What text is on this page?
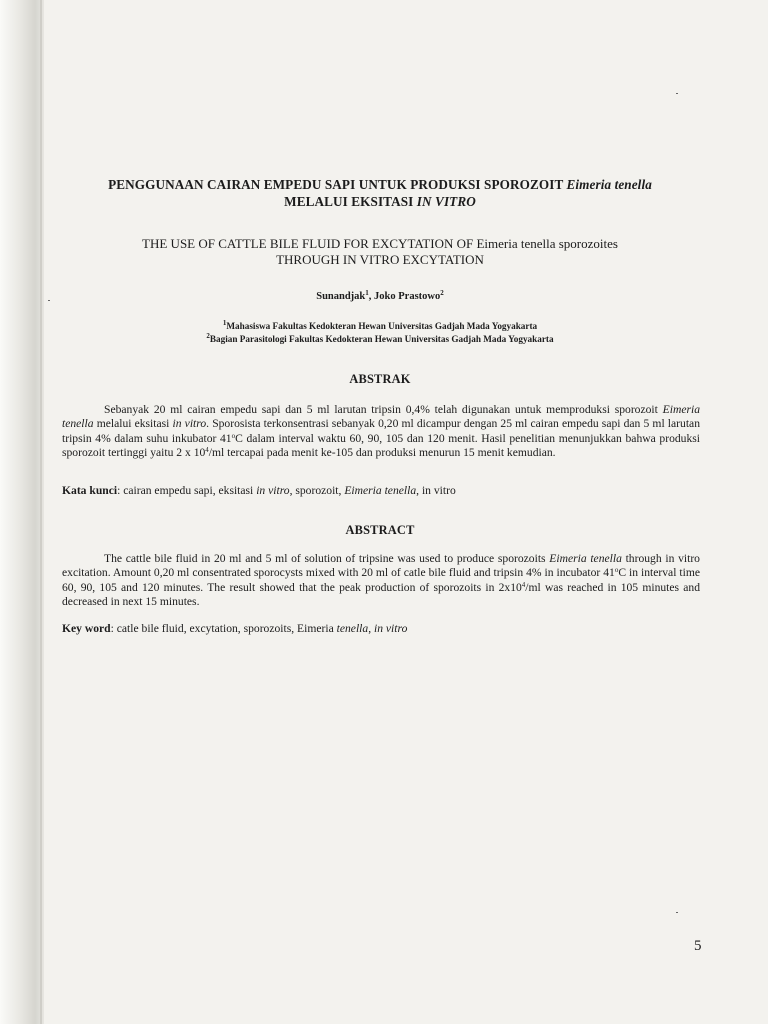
PENGGUNAAN CAIRAN EMPEDU SAPI UNTUK PRODUKSI SPOROZOIT Eimeria tenella
MELALUI EKSITASI IN VITRO
THE USE OF CATTLE BILE FLUID FOR EXCYTATION OF Eimeria tenella sporozoites
THROUGH IN VITRO EXCYTATION
Sunandjak$^1$, Joko Prastowo$^2$
$^1$Mahasiswa Fakultas Kedokteran Hewan Universitas Gadjah Mada Yogyakarta
$^2$Bagian Parasitologi Fakultas Kedokteran Hewan Universitas Gadjah Mada Yogyakarta
ABSTRAK
Sebanyak 20 ml cairan empedu sapi dan 5 ml larutan tripsin 0,4% telah digunakan untuk memproduksi sporozoit Eimeria tenella melalui eksitasi in vitro. Sporosista terkonsentrasi sebanyak 0,20 ml dicampur dengan 25 ml cairan empedu sapi dan 5 ml larutan tripsin 4% dalam suhu inkubator 41$^o$C dalam interval waktu 60, 90, 105 dan 120 menit. Hasil penelitian menunjukkan bahwa produksi sporozoit tertinggi yaitu 2 x $10^4/ml$ tercapai pada menit ke-105 dan produksi menurun 15 menit kemudian.
Kata kunci: cairan empedu sapi, eksitasi in vitro, sporozoit, Eimeria tenella, in vitro
ABSTRACT
The cattle bile fluid in 20 ml and 5 ml of solution of tripsine was used to produce sporozoits Eimeria tenella through in vitro excitation. Amount 0,20 ml consentrated sporocysts mixed with 20 ml of catle bile fluid and tripsin 4% in incubator 41$^o$C in interval time 60, 90, 105 and 120 minutes. The result showed that the peak production of sporozoits in $2x10^4/ml$ was reached in 105 minutes and decreased in next 15 minutes.
Key word: catle bile fluid, excytation, sporozoits, Eimeria tenella, in vitro
5
